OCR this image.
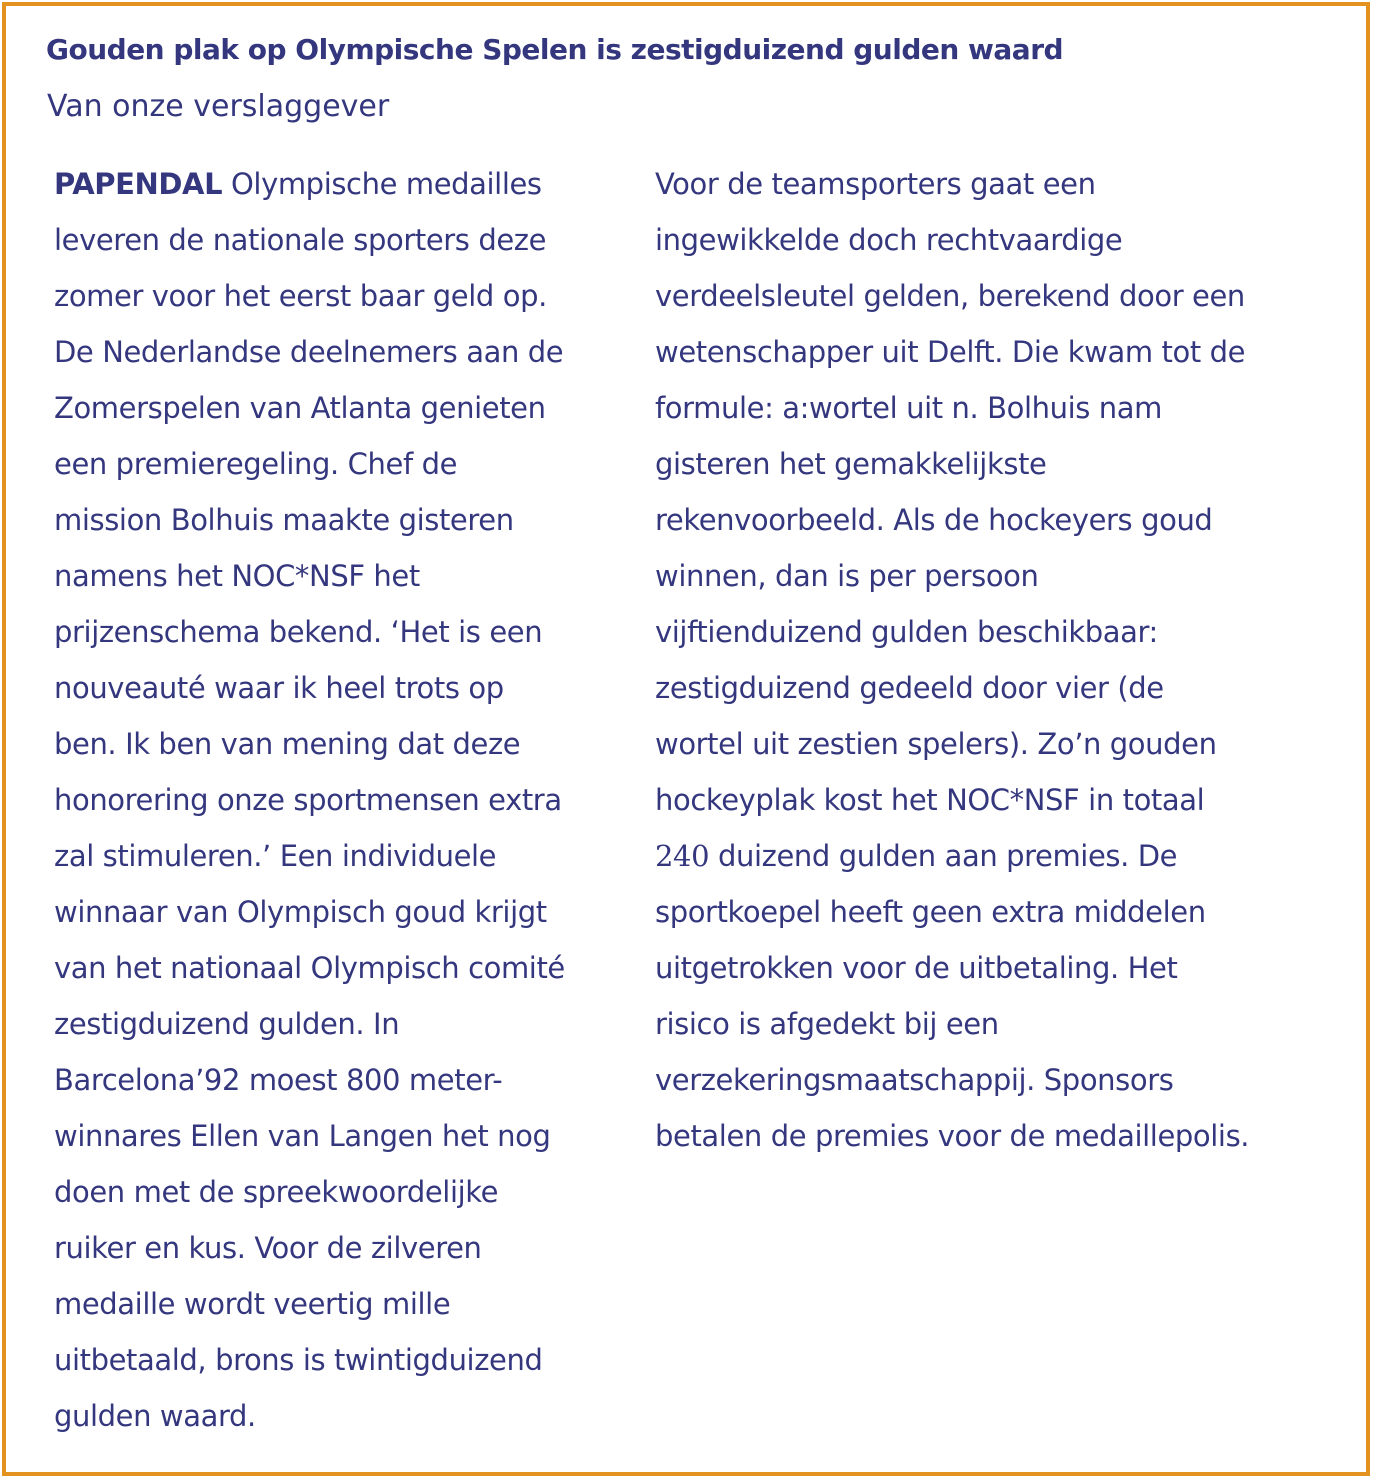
Gouden plak op Olympische Spelen is zestigduizend gulden waard

Van onze verslaggever

PAPENDAL Olympische medailles
leveren de nationale sporters deze
zomer voor het eerst baar geld op.
De Nederlandse deelnemers aan de
Zomerspelen van Atlanta genieten
een premieregeling. Chef de
mission Bolhuis maakte gisteren
namens het NOC*NSF het
prijzenschema bekend. ‘Het is een
nouveauté waar ik heel trots op
ben. Ik ben van mening dat deze
honorering onze sportmensen extra
zal stimuleren.’ Een individuele
winnaar van Olympisch goud krijgt
van het nationaal Olympisch comité
zestigduizend gulden. In
Barcelona’92 moest 800 meter-
winnares Ellen van Langen het nog
doen met de spreekwoordelijke
ruiker en kus. Voor de zilveren
medaille wordt veertig mille
uitbetaald, brons is twintigduizend
gulden waard.
Voor de teamsporters gaat een
ingewikkelde doch rechtvaardige
verdeelsleutel gelden, berekend door een
wetenschapper uit Delft. Die kwam tot de
formule: a:wortel uit n. Bolhuis nam
gisteren het gemakkelijkste
rekenvoorbeeld. Als de hockeyers goud
winnen, dan is per persoon
vijftienduizend gulden beschikbaar:
zestigduizend gedeeld door vier (de
wortel uit zestien spelers). Zo’n gouden
hockeyplak kost het NOC*NSF in totaal
240 duizend gulden aan premies. De
sportkoepel heeft geen extra middelen
uitgetrokken voor de uitbetaling. Het
risico is afgedekt bij een
verzekeringsmaatschappij. Sponsors
betalen de premies voor de medaillepolis.
